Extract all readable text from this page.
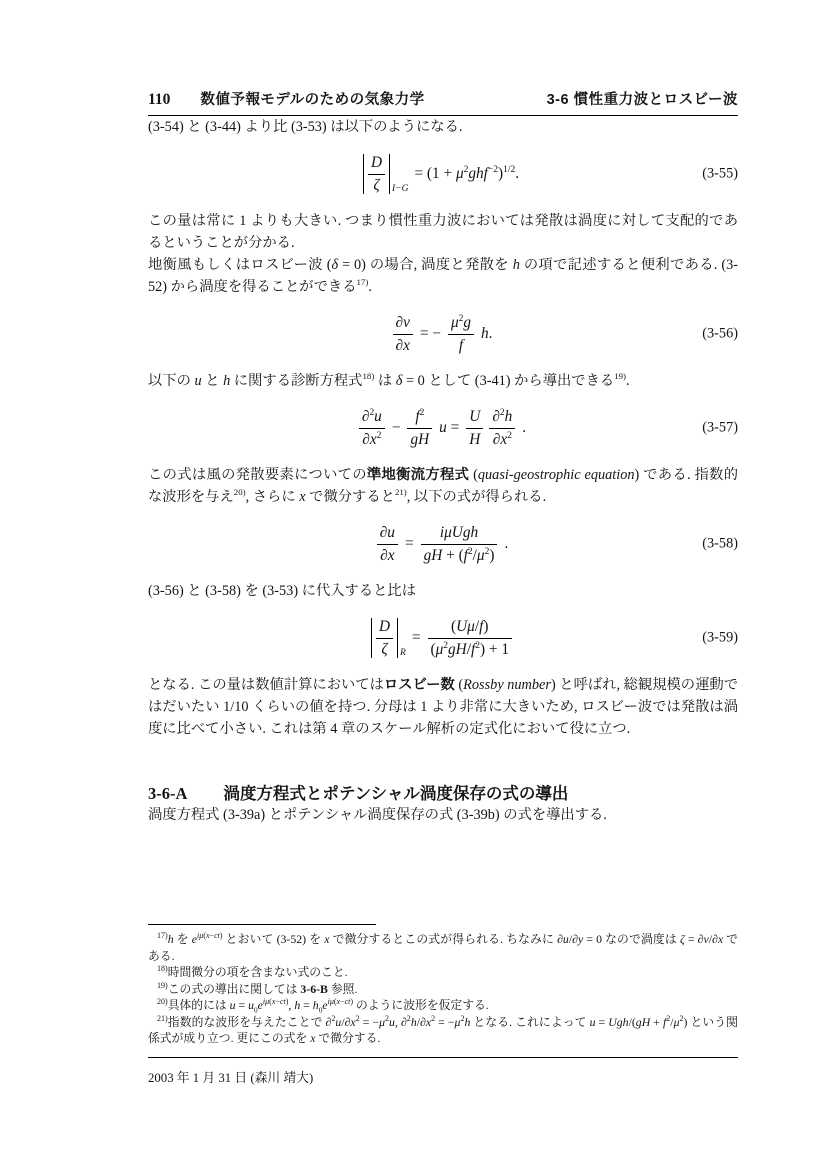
110 数値予報モデルのための気象力学	3-6 慣性重力波とロスビー波

(3-54) と (3-44) より比 (3-53) は以下のようになる.

$\frac{D}{\zeta} I-G$
= $(1 + \mu^2ghf^{-2})^{1/2}$.	(3-55)

この量は常に 1 よりも大きい. つまり慣性重力波においては発散は渦度に対して支配的であるということが分かる.

地衡風もしくはロスビー波 (δ = 0) の場合, 渦度と発散を h の項で記述すると便利である. (3-52) から渦度を得ることができる$^{17)}$.

$\frac{\partial v}{\partial x}$ = − $\frac{\mu^2g}{f} h$.	(3-56)

以下の u と h に関する診断方程式$^{18)}$ は δ = 0 として (3-41) から導出できる$^{19)}$.

$\frac{\partial^2u}{\partial x^2} - \frac{f^2}{gH}$ $u = \frac{U}{H} \frac{\partial^2h}{\partial x^2}$ .	(3-57)

この式は風の発散要素についての準地衡流方程式 (quasi-geostrophic equation) である. 指数的な波形を与え$^{20)}$, さらに x で微分すると$^{21)}$, 以下の式が得られる.

$\frac{\partial u}{\partial x} = \frac{\text{iμUgh}}{gH + (f^2/\mu^2)}$ .	(3-58)

(3-56) と (3-58) を (3-53) に代入すると比は

$\frac{D}{\zeta}$ R
= $\frac{(U\mu/f)}{(\mu^2gH/f^2) + 1}$	(3-59)

となる. この量は数値計算においてはロスビー数 (Rossby number) と呼ばれ, 総観規模の運動ではだいたい 1/10 くらいの値を持つ. 分母は 1 より非常に大きいため, ロスビー波では発散は渦度に比べて小さい. これは第 4 章のスケール解析の定式化において役に立つ.

3-6-A 渦度方程式とポテンシャル渦度保存の式の導出

渦度方程式 (3-39a) とポテンシャル渦度保存の式 (3-39b) の式を導出する.

$^{17)}$h を $e^{i\mu(x-ct)}$ とおいて (3-52) を x で微分するとこの式が得られる. ちなみに ∂u/∂y = 0 なので渦度は ζ = ∂v/∂x である.

$^{18)}$時間微分の項を含まない式のこと.

$^{19)}$この式の導出に関しては 3-6-B 参照.

$^{20)}$具体的には $u = u_0e^{i\mu(x-ct)}$, $h = h_0e^{i\mu(x-ct)}$ のように波形を仮定する.

$^{21)}$指数的な波形を与えたことで $\partial^2u/\partial x^2 = -\mu^2u$, $\partial^2h/\partial x^2 = -\mu^2h$ となる. これによって $u = Ugh/(gH + f^2/\mu^2)$ という関係式が成り立つ. 更にこの式を x で微分する.

2003 年 1 月 31 日 (森川 靖大)
